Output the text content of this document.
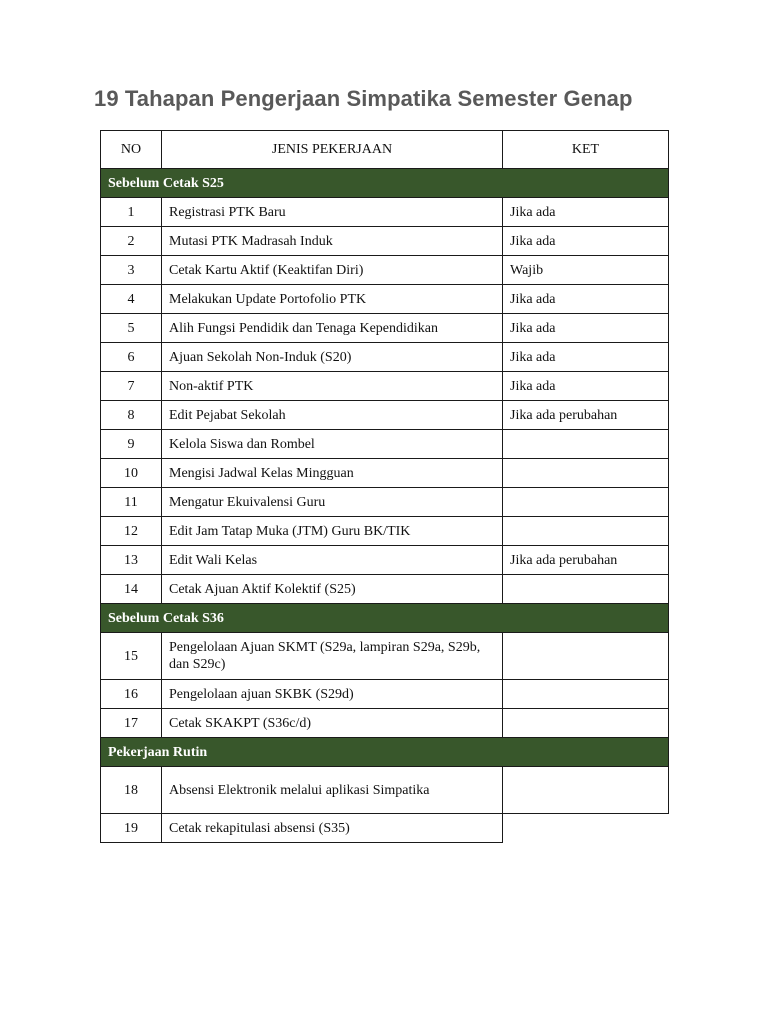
19 Tahapan Pengerjaan Simpatika Semester Genap
NO	JENIS PEKERJAAN	KET
Sebelum Cetak S25		
1	Registrasi PTK Baru	Jika ada
2	Mutasi PTK Madrasah Induk	Jika ada
3	Cetak Kartu Aktif (Keaktifan Diri)	Wajib
4	Melakukan Update Portofolio PTK	Jika ada
5	Alih Fungsi Pendidik dan Tenaga Kependidikan	Jika ada
6	Ajuan Sekolah Non-Induk (S20)	Jika ada
7	Non-aktif PTK	Jika ada
8	Edit Pejabat Sekolah	Jika ada perubahan
9	Kelola Siswa dan Rombel	
10	Mengisi Jadwal Kelas Mingguan	
11	Mengatur Ekuivalensi Guru	
12	Edit Jam Tatap Muka (JTM) Guru BK/TIK	
13	Edit Wali Kelas	Jika ada perubahan
14	Cetak Ajuan Aktif Kolektif (S25)	
Sebelum Cetak S36		
15	Pengelolaan Ajuan SKMT (S29a, lampiran S29a, S29b, dan S29c)	
16	Pengelolaan ajuan SKBK (S29d)	
17	Cetak SKAKPT (S36c/d)	
Pekerjaan Rutin		
18	Absensi Elektronik melalui aplikasi Simpatika	
19	Cetak rekapitulasi absensi (S35)	
